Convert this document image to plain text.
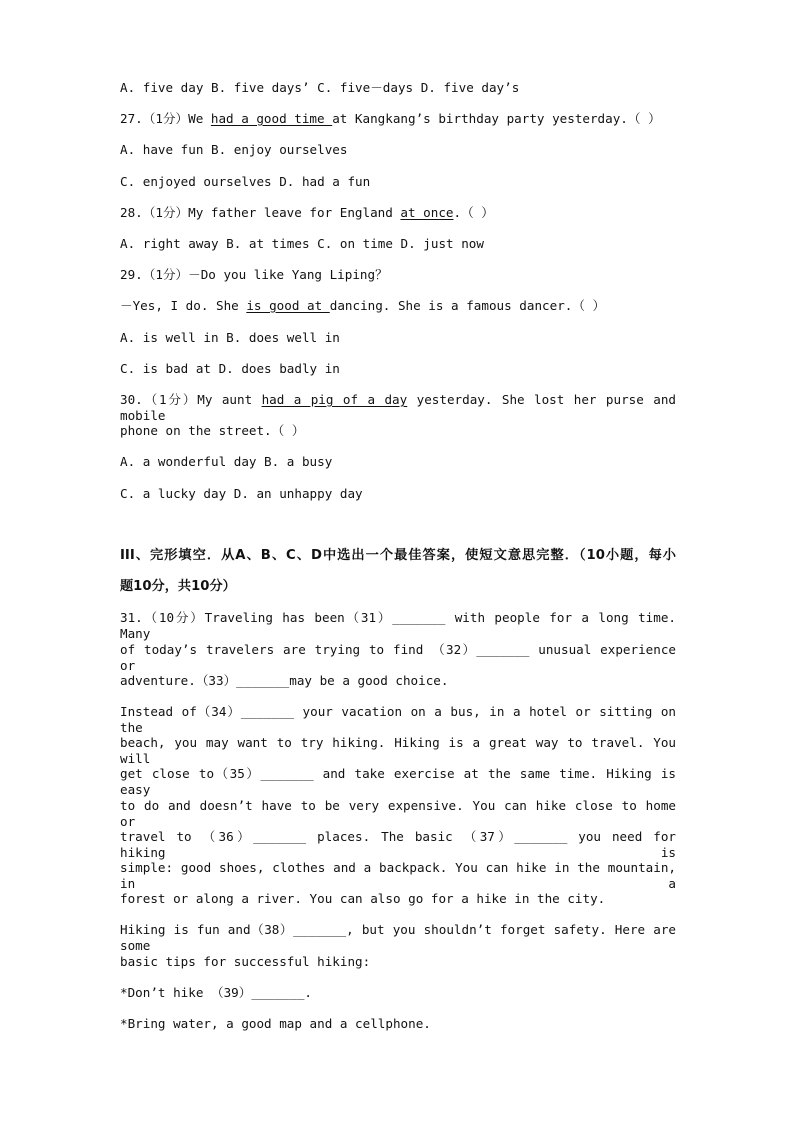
A. five day B. five days’ C. five－days D. five day’s
27.（1分）We had a good time at Kangkang’s birthday party yesterday.（ ）
A. have fun B. enjoy ourselves
C. enjoyed ourselves D. had a fun
28.（1分）My father leave for England at once.（ ）
A. right away B. at times C. on time D. just now
29.（1分）－Do you like Yang Liping？
－Yes, I do. She is good at dancing. She is a famous dancer.（ ）
A. is well in B. does well in
C. is bad at D. does badly in
30.（1分）My aunt had a pig of a day yesterday. She lost her purse and mobile
phone on the street.（ ）
A. a wonderful day B. a busy
C. a lucky day D. an unhappy day
III、完形填空．从A、B、C、D中选出一个最佳答案，使短文意思完整．（10小题，每小
题10分，共10分）
31.（10分）Traveling has been（31）_______ with people for a long time. Many
of today’s travelers are trying to find （32）_______ unusual experience or
adventure.（33）_______may be a good choice.
Instead of（34）_______ your vacation on a bus, in a hotel or sitting on the
beach, you may want to try hiking. Hiking is a great way to travel. You will
get close to（35）_______ and take exercise at the same time. Hiking is easy
to do and doesn’t have to be very expensive. You can hike close to home or
travel to （36）_______ places. The basic （37）_______ you need for hiking is
simple: good shoes, clothes and a backpack. You can hike in the mountain, in a
forest or along a river. You can also go for a hike in the city.
Hiking is fun and（38）_______, but you shouldn’t forget safety. Here are some
basic tips for successful hiking:
*Don’t hike （39）_______.
*Bring water, a good map and a cellphone.
